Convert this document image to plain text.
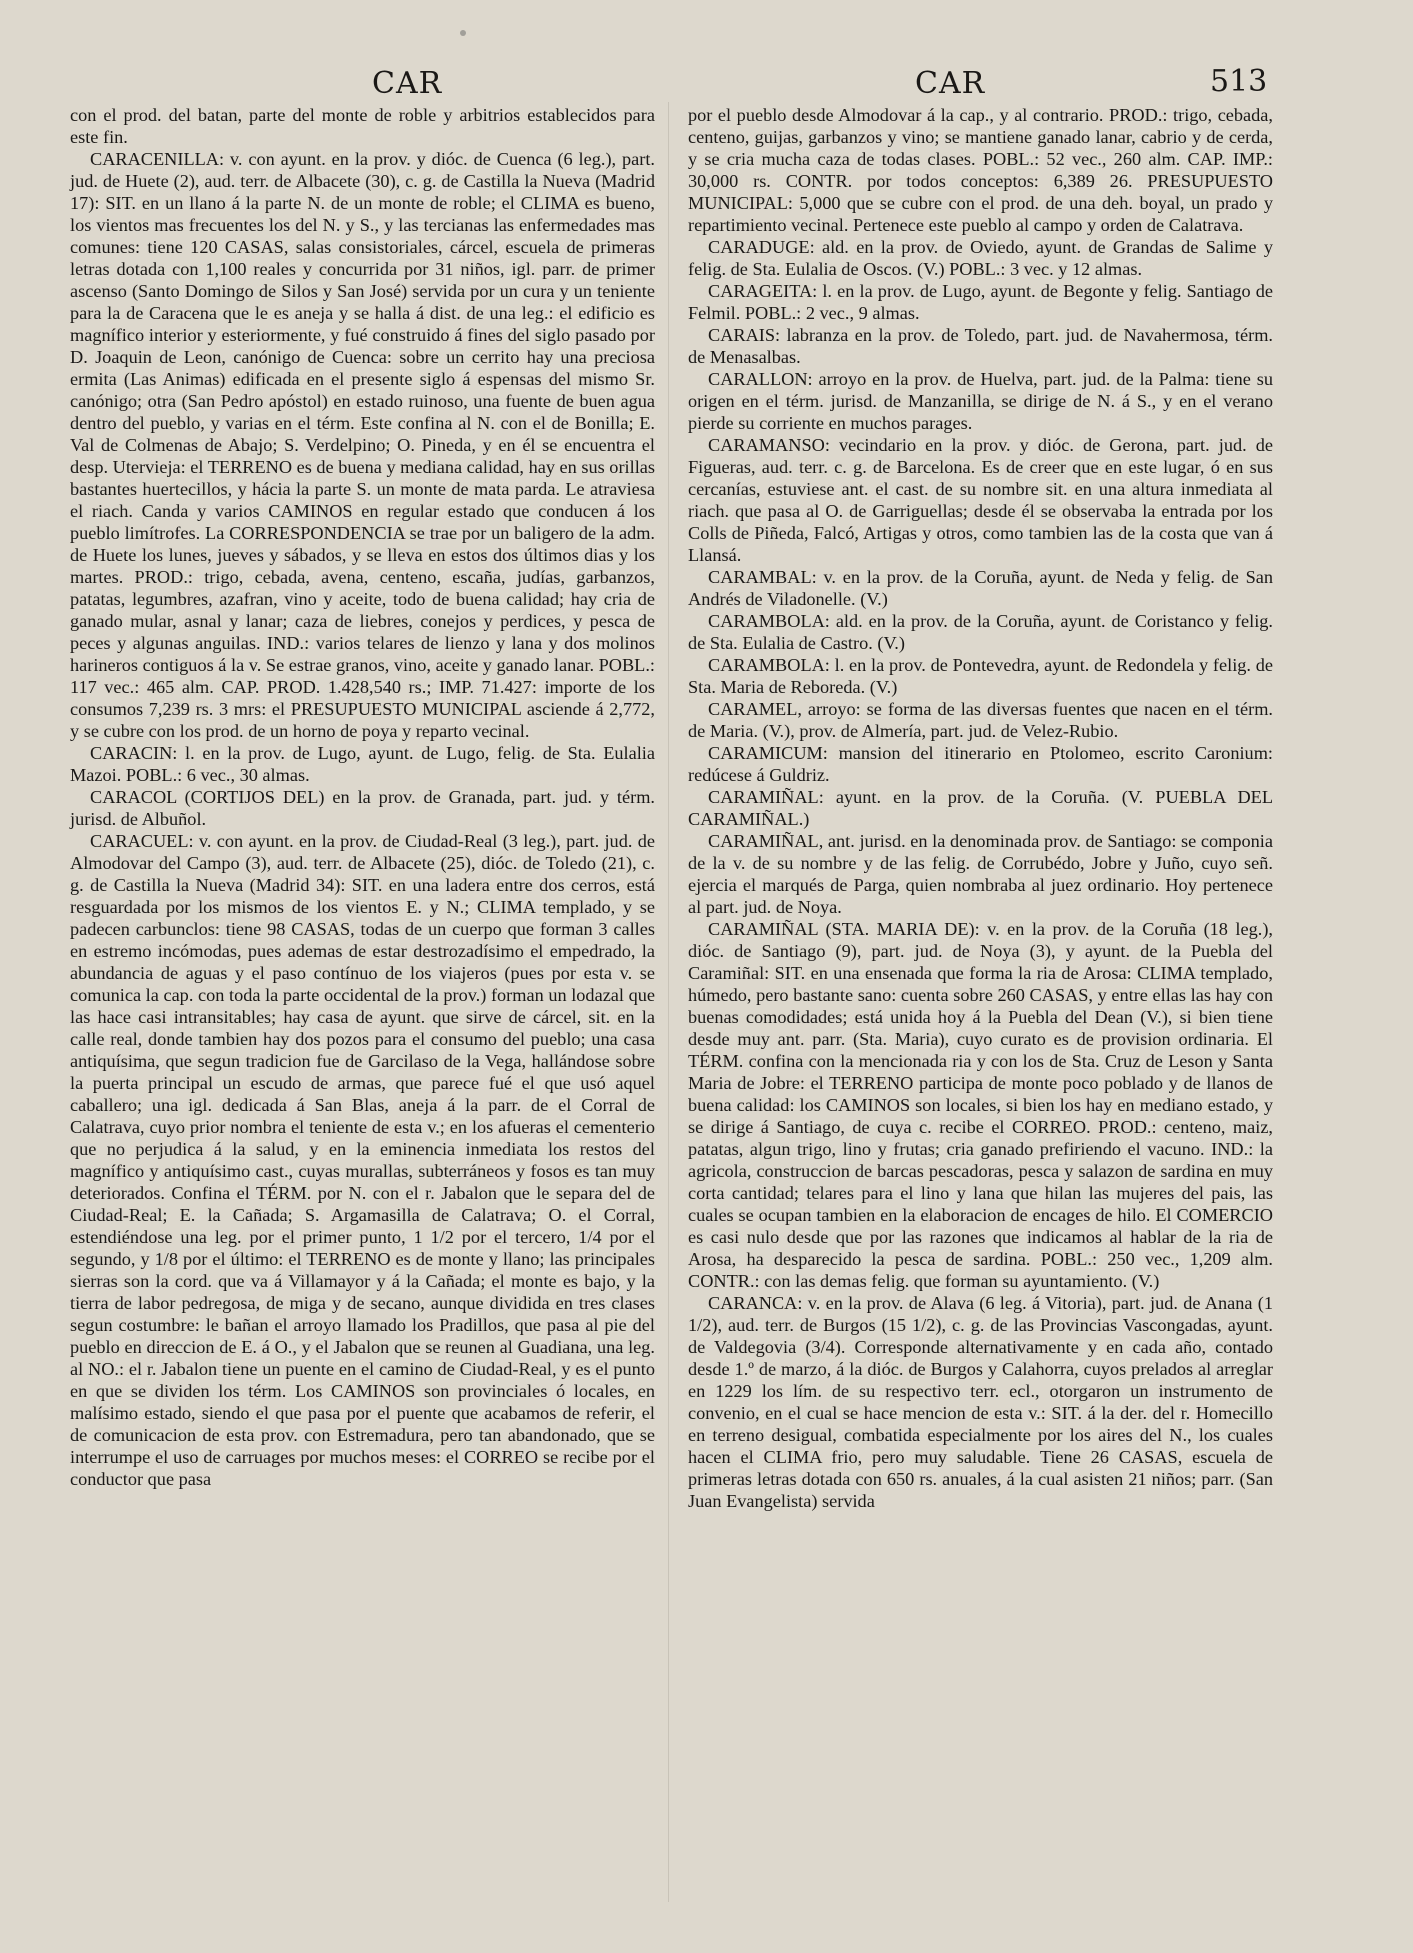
CAR	CAR	513

con el prod. del batan, parte del monte de roble y arbitrios establecidos para este fin.

CARACENILLA: v. con ayunt. en la prov. y dióc. de Cuenca (6 leg.), part. jud. de Huete (2), aud. terr. de Albacete (30), c. g. de Castilla la Nueva (Madrid 17): SIT. en un llano á la parte N. de un monte de roble; el CLIMA es bueno, los vientos mas frecuentes los del N. y S., y las tercianas las enfermedades mas comunes: tiene 120 CASAS, salas consistoriales, cárcel, escuela de primeras letras dotada con 1,100 reales y concurrida por 31 niños, igl. parr. de primer ascenso (Santo Domingo de Silos y San José) servida por un cura y un teniente para la de Caracena que le es aneja y se halla á dist. de una leg.: el edificio es magnífico interior y esteriormente, y fué construido á fines del siglo pasado por D. Joaquin de Leon, canónigo de Cuenca: sobre un cerrito hay una preciosa ermita (Las Animas) edificada en el presente siglo á espensas del mismo Sr. canónigo; otra (San Pedro apóstol) en estado ruinoso, una fuente de buen agua dentro del pueblo, y varias en el térm. Este confina al N. con el de Bonilla; E. Val de Colmenas de Abajo; S. Verdelpino; O. Pineda, y en él se encuentra el desp. Utervieja: el TERRENO es de buena y mediana calidad, hay en sus orillas bastantes huertecillos, y hácia la parte S. un monte de mata parda. Le atraviesa el riach. Canda y varios CAMINOS en regular estado que conducen á los pueblo limítrofes. La CORRESPONDENCIA se trae por un baligero de la adm. de Huete los lunes, jueves y sábados, y se lleva en estos dos últimos dias y los martes. PROD.: trigo, cebada, avena, centeno, escaña, judías, garbanzos, patatas, legumbres, azafran, vino y aceite, todo de buena calidad; hay cria de ganado mular, asnal y lanar; caza de liebres, conejos y perdices, y pesca de peces y algunas anguilas. IND.: varios telares de lienzo y lana y dos molinos harineros contiguos á la v. Se estrae granos, vino, aceite y ganado lanar. POBL.: 117 vec.: 465 alm. CAP. PROD. 1.428,540 rs.; IMP. 71.427: importe de los consumos 7,239 rs. 3 mrs: el PRESUPUESTO MUNICIPAL asciende á 2,772, y se cubre con los prod. de un horno de poya y reparto vecinal.

CARACIN: l. en la prov. de Lugo, ayunt. de Lugo, felig. de Sta. Eulalia Mazoi. POBL.: 6 vec., 30 almas.

CARACOL (CORTIJOS DEL) en la prov. de Granada, part. jud. y térm. jurisd. de Albuñol.

CARACUEL: v. con ayunt. en la prov. de Ciudad-Real (3 leg.), part. jud. de Almodovar del Campo (3), aud. terr. de Albacete (25), dióc. de Toledo (21), c. g. de Castilla la Nueva (Madrid 34): SIT. en una ladera entre dos cerros, está resguardada por los mismos de los vientos E. y N.; CLIMA templado, y se padecen carbunclos: tiene 98 CASAS, todas de un cuerpo que forman 3 calles en estremo incómodas, pues ademas de estar destrozadísimo el empedrado, la abundancia de aguas y el paso contínuo de los viajeros (pues por esta v. se comunica la cap. con toda la parte occidental de la prov.) forman un lodazal que las hace casi intransitables; hay casa de ayunt. que sirve de cárcel, sit. en la calle real, donde tambien hay dos pozos para el consumo del pueblo; una casa antiquísima, que segun tradicion fue de Garcilaso de la Vega, hallándose sobre la puerta principal un escudo de armas, que parece fué el que usó aquel caballero; una igl. dedicada á San Blas, aneja á la parr. de el Corral de Calatrava, cuyo prior nombra el teniente de esta v.; en los afueras el cementerio que no perjudica á la salud, y en la eminencia inmediata los restos del magnífico y antiquísimo cast., cuyas murallas, subterráneos y fosos es tan muy deteriorados. Confina el TÉRM. por N. con el r. Jabalon que le separa del de Ciudad-Real; E. la Cañada; S. Argamasilla de Calatrava; O. el Corral, estendiéndose una leg. por el primer punto, 1 1/2 por el tercero, 1/4 por el segundo, y 1/8 por el último: el TERRENO es de monte y llano; las principales sierras son la cord. que va á Villamayor y á la Cañada; el monte es bajo, y la tierra de labor pedregosa, de miga y de secano, aunque dividida en tres clases segun costumbre: le bañan el arroyo llamado los Pradillos, que pasa al pie del pueblo en direccion de E. á O., y el Jabalon que se reunen al Guadiana, una leg. al NO.: el r. Jabalon tiene un puente en el camino de Ciudad-Real, y es el punto en que se dividen los térm. Los CAMINOS son provinciales ó locales, en malísimo estado, siendo el que pasa por el puente que acabamos de referir, el de comunicacion de esta prov. con Estremadura, pero tan abandonado, que se interrumpe el uso de carruages por muchos meses: el CORREO se recibe por el conductor que pasa

por el pueblo desde Almodovar á la cap., y al contrario. PROD.: trigo, cebada, centeno, guijas, garbanzos y vino; se mantiene ganado lanar, cabrio y de cerda, y se cria mucha caza de todas clases. POBL.: 52 vec., 260 alm. CAP. IMP.: 30,000 rs. CONTR. por todos conceptos: 6,389 26. PRESUPUESTO MUNICIPAL: 5,000 que se cubre con el prod. de una deh. boyal, un prado y repartimiento vecinal. Pertenece este pueblo al campo y orden de Calatrava.

CARADUGE: ald. en la prov. de Oviedo, ayunt. de Grandas de Salime y felig. de Sta. Eulalia de Oscos. (V.) POBL.: 3 vec. y 12 almas.

CARAGEITA: l. en la prov. de Lugo, ayunt. de Begonte y felig. Santiago de Felmil. POBL.: 2 vec., 9 almas.

CARAIS: labranza en la prov. de Toledo, part. jud. de Navahermosa, térm. de Menasalbas.

CARALLON: arroyo en la prov. de Huelva, part. jud. de la Palma: tiene su origen en el térm. jurisd. de Manzanilla, se dirige de N. á S., y en el verano pierde su corriente en muchos parages.

CARAMANSO: vecindario en la prov. y dióc. de Gerona, part. jud. de Figueras, aud. terr. c. g. de Barcelona. Es de creer que en este lugar, ó en sus cercanías, estuviese ant. el cast. de su nombre sit. en una altura inmediata al riach. que pasa al O. de Garriguellas; desde él se observaba la entrada por los Colls de Piñeda, Falcó, Artigas y otros, como tambien las de la costa que van á Llansá.

CARAMBAL: v. en la prov. de la Coruña, ayunt. de Neda y felig. de San Andrés de Viladonelle. (V.)

CARAMBOLA: ald. en la prov. de la Coruña, ayunt. de Coristanco y felig. de Sta. Eulalia de Castro. (V.)

CARAMBOLA: l. en la prov. de Pontevedra, ayunt. de Redondela y felig. de Sta. Maria de Reboreda. (V.)

CARAMEL, arroyo: se forma de las diversas fuentes que nacen en el térm. de Maria. (V.), prov. de Almería, part. jud. de Velez-Rubio.

CARAMICUM: mansion del itinerario en Ptolomeo, escrito Caronium: redúcese á Guldriz.

CARAMIÑAL: ayunt. en la prov. de la Coruña. (V. PUEBLA DEL CARAMIÑAL.)

CARAMIÑAL, ant. jurisd. en la denominada prov. de Santiago: se componia de la v. de su nombre y de las felig. de Corrubédo, Jobre y Juño, cuyo señ. ejercia el marqués de Parga, quien nombraba al juez ordinario. Hoy pertenece al part. jud. de Noya.

CARAMIÑAL (STA. MARIA DE): v. en la prov. de la Coruña (18 leg.), dióc. de Santiago (9), part. jud. de Noya (3), y ayunt. de la Puebla del Caramiñal: SIT. en una ensenada que forma la ria de Arosa: CLIMA templado, húmedo, pero bastante sano: cuenta sobre 260 CASAS, y entre ellas las hay con buenas comodidades; está unida hoy á la Puebla del Dean (V.), si bien tiene desde muy ant. parr. (Sta. Maria), cuyo curato es de provision ordinaria. El TÉRM. confina con la mencionada ria y con los de Sta. Cruz de Leson y Santa Maria de Jobre: el TERRENO participa de monte poco poblado y de llanos de buena calidad: los CAMINOS son locales, si bien los hay en mediano estado, y se dirige á Santiago, de cuya c. recibe el CORREO. PROD.: centeno, maiz, patatas, algun trigo, lino y frutas; cria ganado prefiriendo el vacuno. IND.: la agricola, construccion de barcas pescadoras, pesca y salazon de sardina en muy corta cantidad; telares para el lino y lana que hilan las mujeres del pais, las cuales se ocupan tambien en la elaboracion de encages de hilo. El COMERCIO es casi nulo desde que por las razones que indicamos al hablar de la ria de Arosa, ha desparecido la pesca de sardina. POBL.: 250 vec., 1,209 alm. CONTR.: con las demas felig. que forman su ayuntamiento. (V.)

CARANCA: v. en la prov. de Alava (6 leg. á Vitoria), part. jud. de Anana (1 1/2), aud. terr. de Burgos (15 1/2), c. g. de las Provincias Vascongadas, ayunt. de Valdegovia (3/4). Corresponde alternativamente y en cada año, contado desde 1.º de marzo, á la dióc. de Burgos y Calahorra, cuyos prelados al arreglar en 1229 los lím. de su respectivo terr. ecl., otorgaron un instrumento de convenio, en el cual se hace mencion de esta v.: SIT. á la der. del r. Homecillo en terreno desigual, combatida especialmente por los aires del N., los cuales hacen el CLIMA frio, pero muy saludable. Tiene 26 CASAS, escuela de primeras letras dotada con 650 rs. anuales, á la cual asisten 21 niños; parr. (San Juan Evangelista) servida
